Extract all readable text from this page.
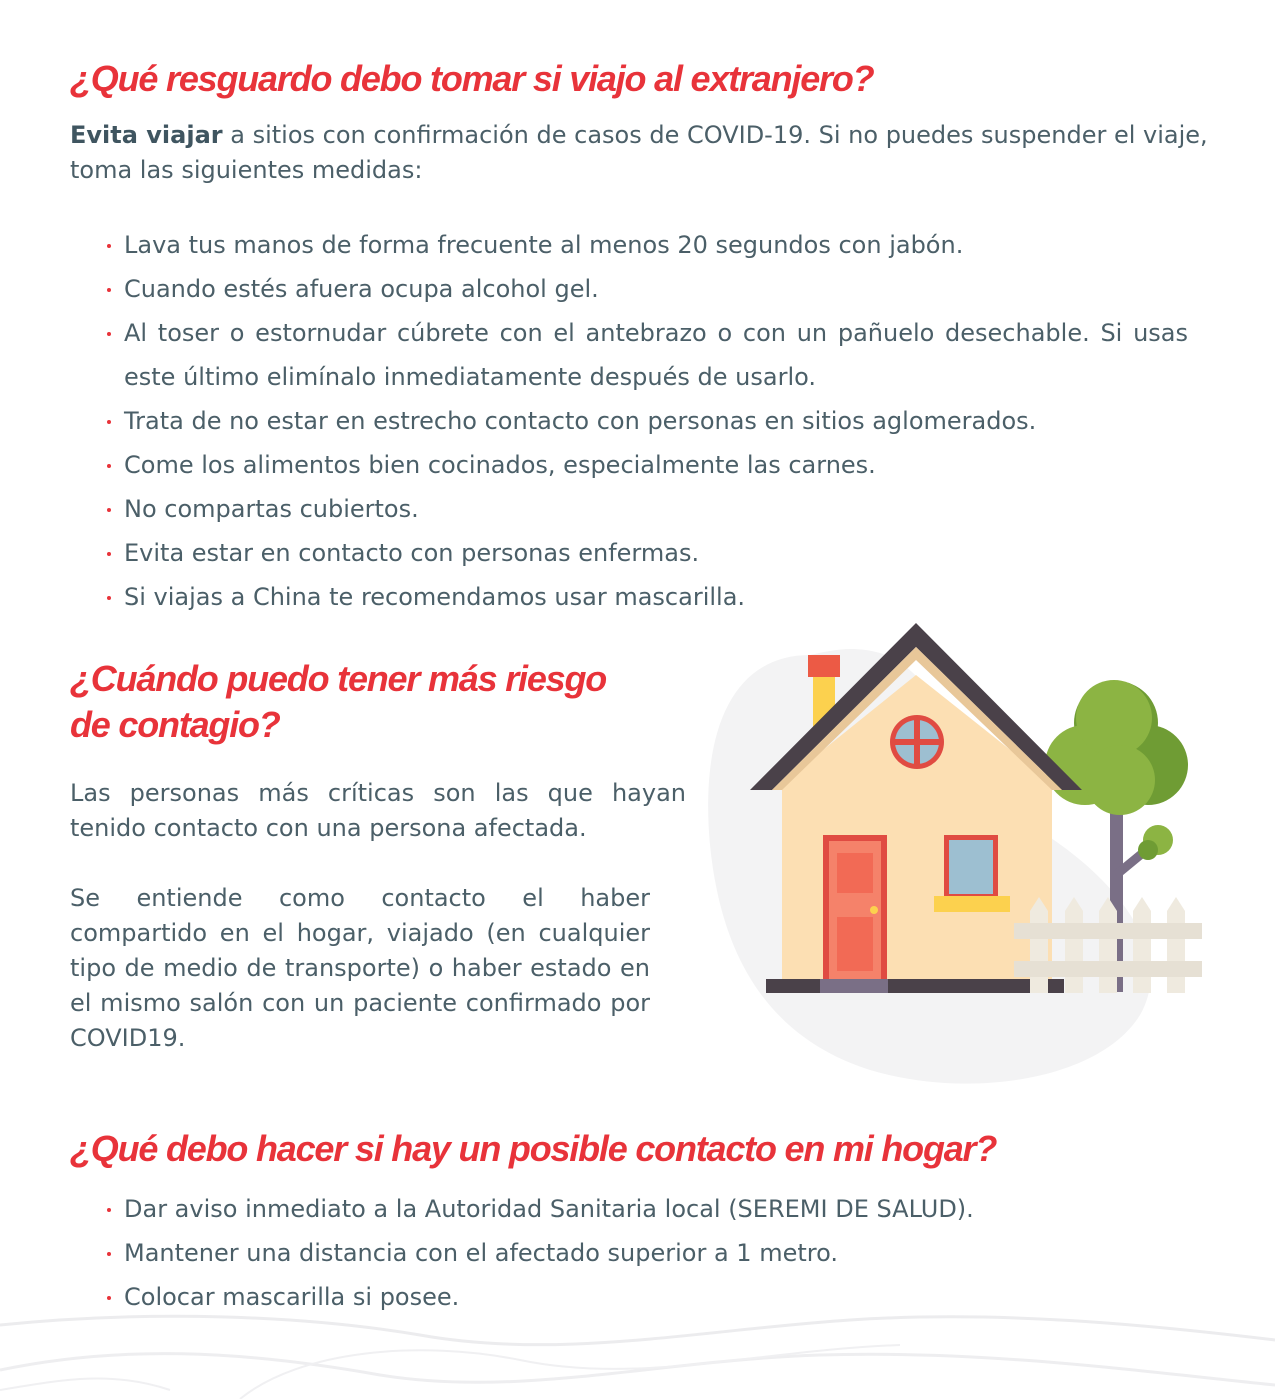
¿Qué resguardo debo tomar si viajo al extranjero?

Evita viajar a sitios con confirmación de casos de COVID-19. Si no puedes suspender el viaje, toma las siguientes medidas:

Lava tus manos de forma frecuente al menos 20 segundos con jabón.
Cuando estés afuera ocupa alcohol gel.
Al toser o estornudar cúbrete con el antebrazo o con un pañuelo desechable. Si usas este último elimínalo inmediatamente después de usarlo.
Trata de no estar en estrecho contacto con personas en sitios aglomerados.
Come los alimentos bien cocinados, especialmente las carnes.
No compartas cubiertos.
Evita estar en contacto con personas enfermas.
Si viajas a China te recomendamos usar mascarilla.
¿Cuándo puedo tener más riesgo
de contagio?

Las personas más críticas son las que hayan tenido contacto con una persona afectada.

Se entiende como contacto el haber compartido en el hogar, viajado (en cualquier tipo de medio de transporte) o haber estado en el mismo salón con un paciente confirmado por COVID19.

¿Qué debo hacer si hay un posible contacto en mi hogar?
Dar aviso inmediato a la Autoridad Sanitaria local (SEREMI DE SALUD).
Mantener una distancia con el afectado superior a 1 metro.
Colocar mascarilla si posee.
